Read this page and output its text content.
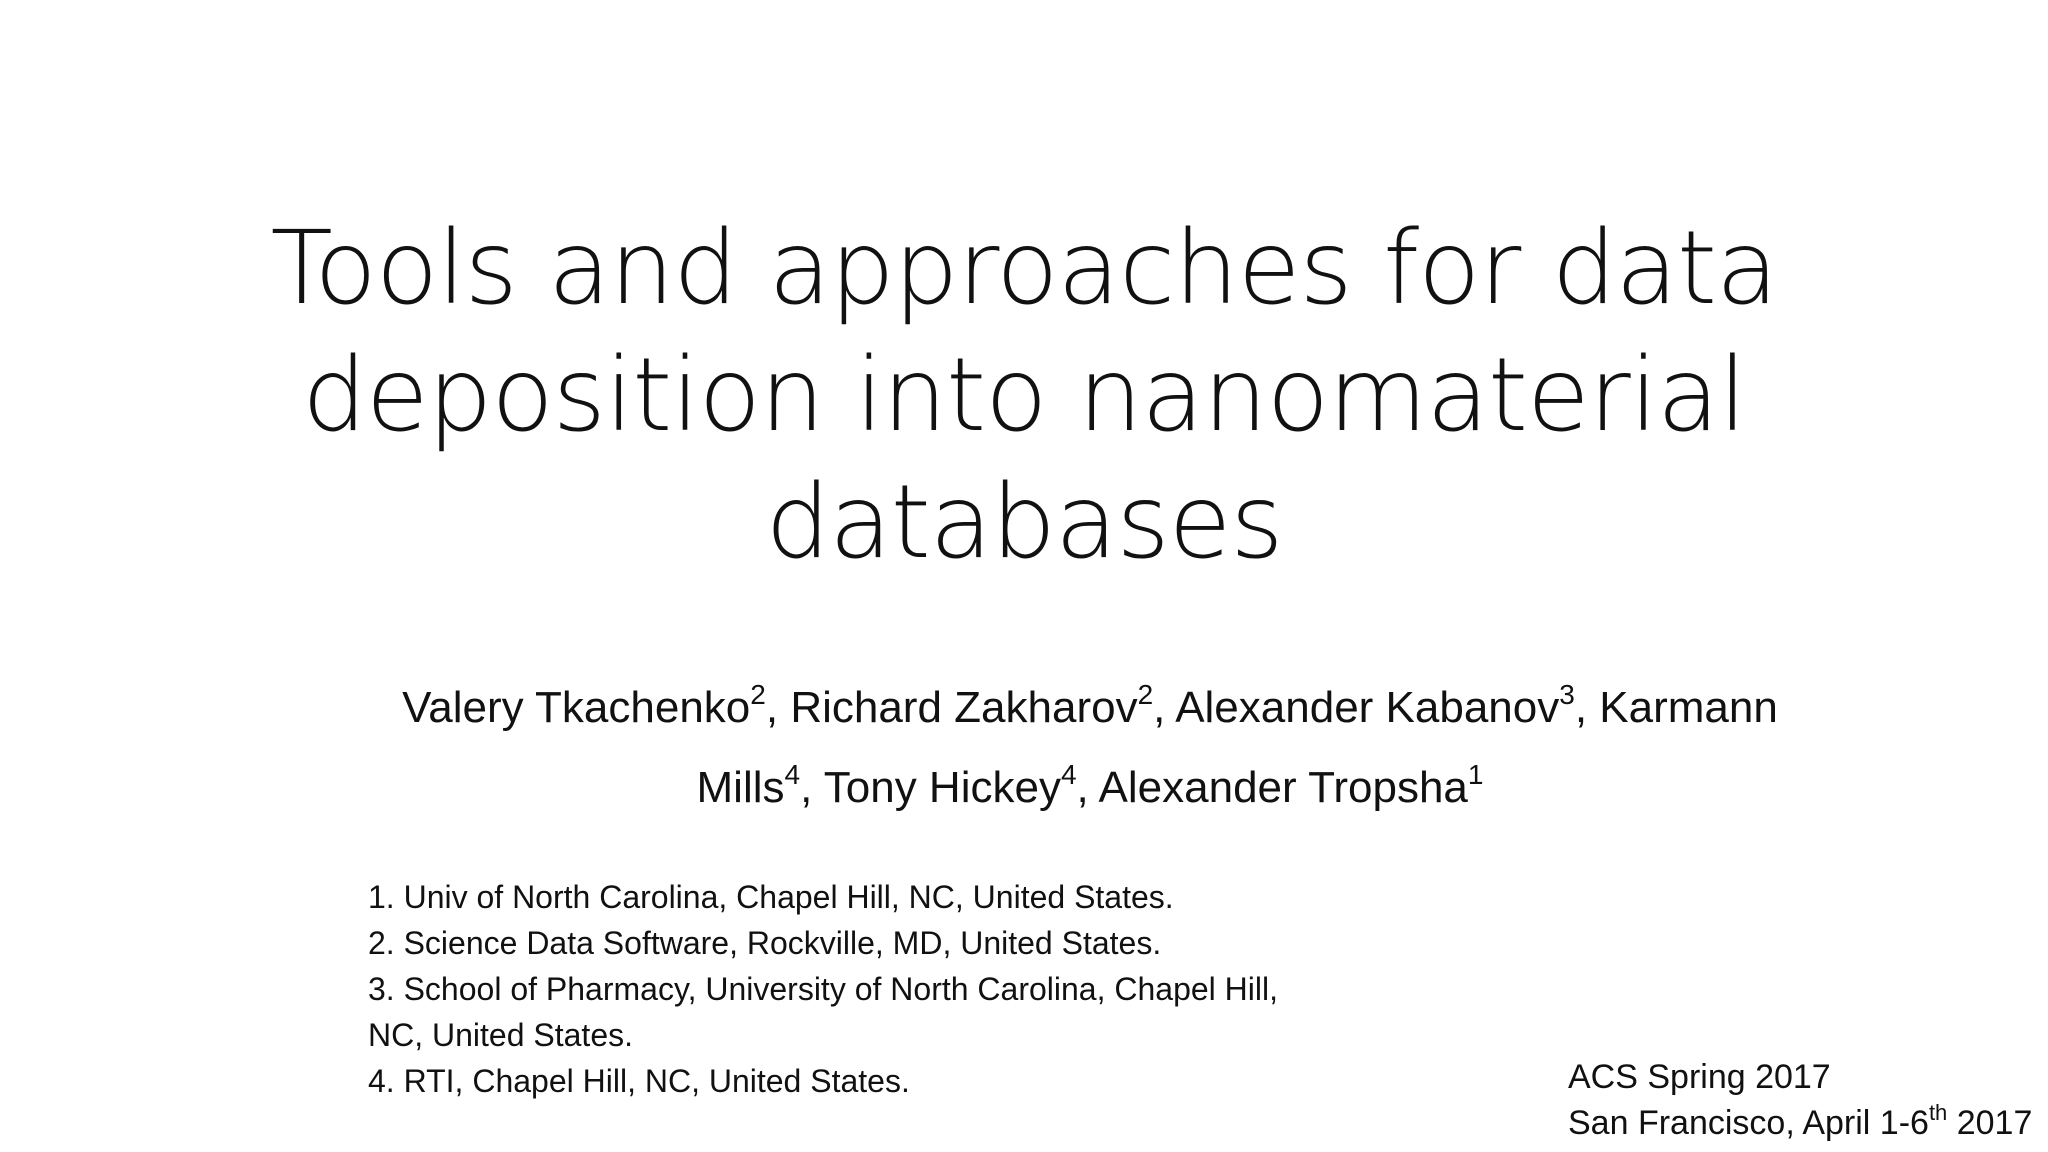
Tools and approaches for data
deposition into nanomaterial
databases
Valery Tkachenko$^2$, Richard Zakharov$^2$, Alexander Kabanov$^3$, Karmann
Mills$^4$, Tony Hickey$^4$, Alexander Tropsha$^1$
1. Univ of North Carolina, Chapel Hill, NC, United States.
2. Science Data Software, Rockville, MD, United States.
3. School of Pharmacy, University of North Carolina, Chapel Hill,
NC, United States.
4. RTI, Chapel Hill, NC, United States.	ACS Spring 2017
San Francisco, April 1-6th 2017
